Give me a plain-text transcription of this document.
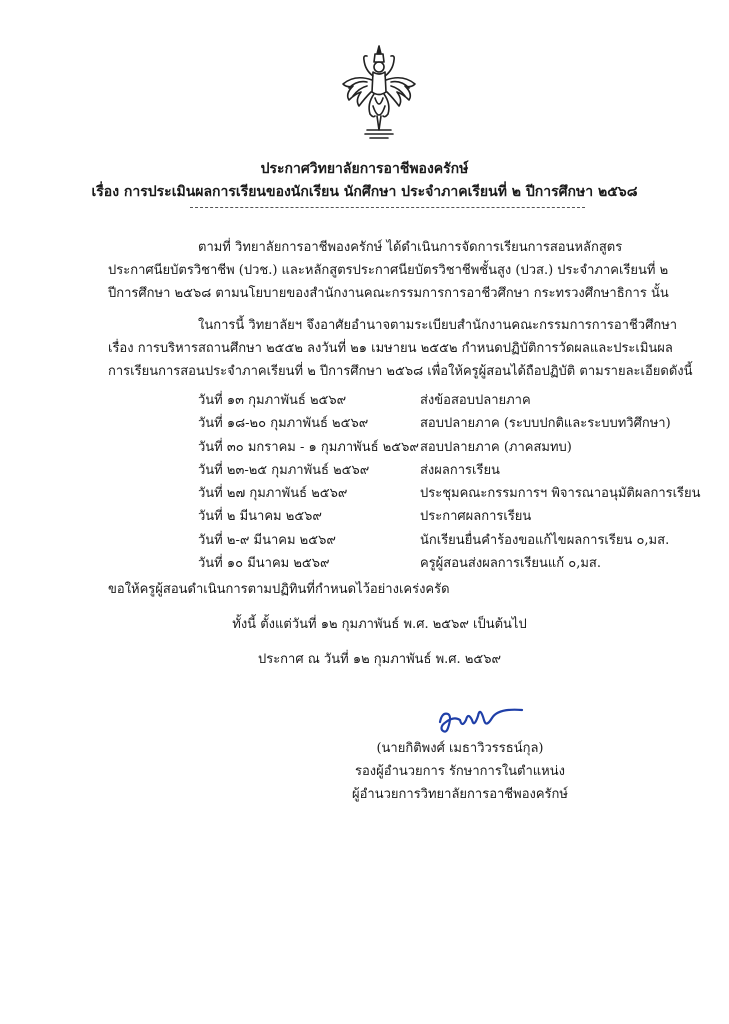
ประกาศวิทยาลัยการอาชีพองครักษ์
เรื่อง การประเมินผลการเรียนของนักเรียน นักศึกษา ประจำภาคเรียนที่ ๒ ปีการศึกษา ๒๕๖๘
ตามที่ วิทยาลัยการอาชีพองครักษ์ ได้ดำเนินการจัดการเรียนการสอนหลักสูตร
ประกาศนียบัตรวิชาชีพ (ปวช.) และหลักสูตรประกาศนียบัตรวิชาชีพชั้นสูง (ปวส.) ประจำภาคเรียนที่ ๒
ปีการศึกษา ๒๕๖๘ ตามนโยบายของสำนักงานคณะกรรมการการอาชีวศึกษา กระทรวงศึกษาธิการ นั้น
ในการนี้ วิทยาลัยฯ จึงอาศัยอำนาจตามระเบียบสำนักงานคณะกรรมการการอาชีวศึกษา
เรื่อง การบริหารสถานศึกษา ๒๕๕๒ ลงวันที่ ๒๑ เมษายน ๒๕๕๒ กำหนดปฏิบัติการวัดผลและประเมินผล
การเรียนการสอนประจำภาคเรียนที่ ๒ ปีการศึกษา ๒๕๖๘ เพื่อให้ครูผู้สอนได้ถือปฏิบัติ ตามรายละเอียดดังนี้
วันที่ ๑๓ กุมภาพันธ์ ๒๕๖๙	ส่งข้อสอบปลายภาค
วันที่ ๑๘-๒๐ กุมภาพันธ์ ๒๕๖๙	สอบปลายภาค (ระบบปกติและระบบทวิศึกษา)
วันที่ ๓๐ มกราคม - ๑ กุมภาพันธ์ ๒๕๖๙ สอบปลายภาค (ภาคสมทบ)
วันที่ ๒๓-๒๕ กุมภาพันธ์ ๒๕๖๙	ส่งผลการเรียน
วันที่ ๒๗ กุมภาพันธ์ ๒๕๖๙	ประชุมคณะกรรมการฯ พิจารณาอนุมัติผลการเรียน
วันที่ ๒ มีนาคม ๒๕๖๙	ประกาศผลการเรียน
วันที่ ๒-๙ มีนาคม ๒๕๖๙	นักเรียนยื่นคำร้องขอแก้ไขผลการเรียน ๐,มส.
วันที่ ๑๐ มีนาคม ๒๕๖๙	ครูผู้สอนส่งผลการเรียนแก้ ๐,มส.
ขอให้ครูผู้สอนดำเนินการตามปฏิทินที่กำหนดไว้อย่างเคร่งครัด
ทั้งนี้ ตั้งแต่วันที่ ๑๒ กุมภาพันธ์ พ.ศ. ๒๕๖๙ เป็นต้นไป
ประกาศ ณ วันที่ ๑๒ กุมภาพันธ์ พ.ศ. ๒๕๖๙
(นายกิติพงศ์ เมธาวิวรรธน์กุล)
รองผู้อำนวยการ รักษาการในตำแหน่ง
ผู้อำนวยการวิทยาลัยการอาชีพองครักษ์
